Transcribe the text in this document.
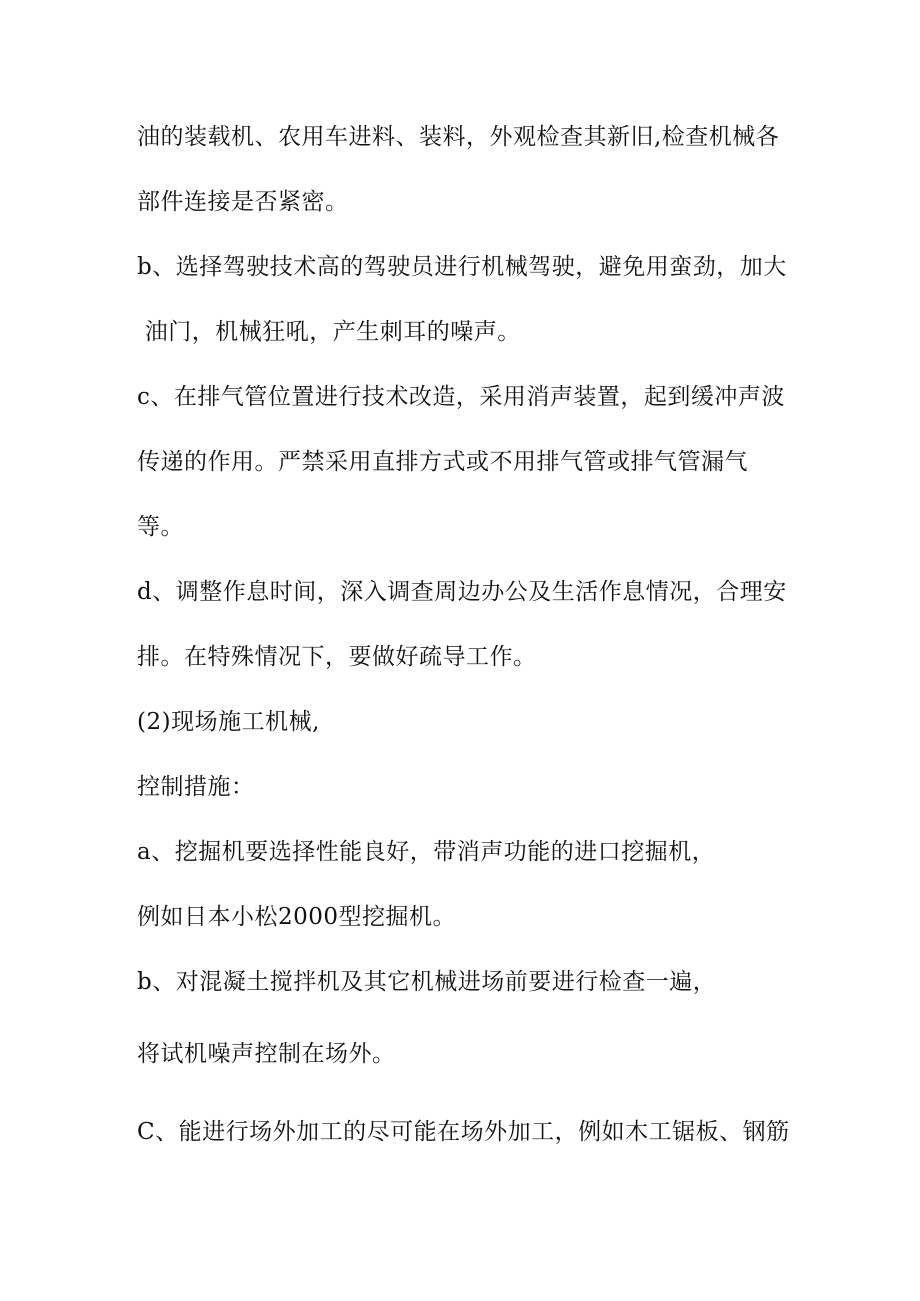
油的装载机、农用车进料、装料，外观检查其新旧,检查机械各
部件连接是否紧密。
b、选择驾驶技术高的驾驶员进行机械驾驶，避免用蛮劲，加大
油门，机械狂吼，产生刺耳的噪声。
c、在排气管位置进行技术改造，采用消声装置，起到缓冲声波
传递的作用。严禁采用直排方式或不用排气管或排气管漏气
等。
d、调整作息时间，深入调查周边办公及生活作息情况，合理安
排。在特殊情况下，要做好疏导工作。
(2)现场施工机械,
控制措施：
a、挖掘机要选择性能良好，带消声功能的进口挖掘机，
例如日本小松2000型挖掘机。
b、对混凝土搅拌机及其它机械进场前要进行检查一遍，
将试机噪声控制在场外。
C、能进行场外加工的尽可能在场外加工，例如木工锯板、钢筋
